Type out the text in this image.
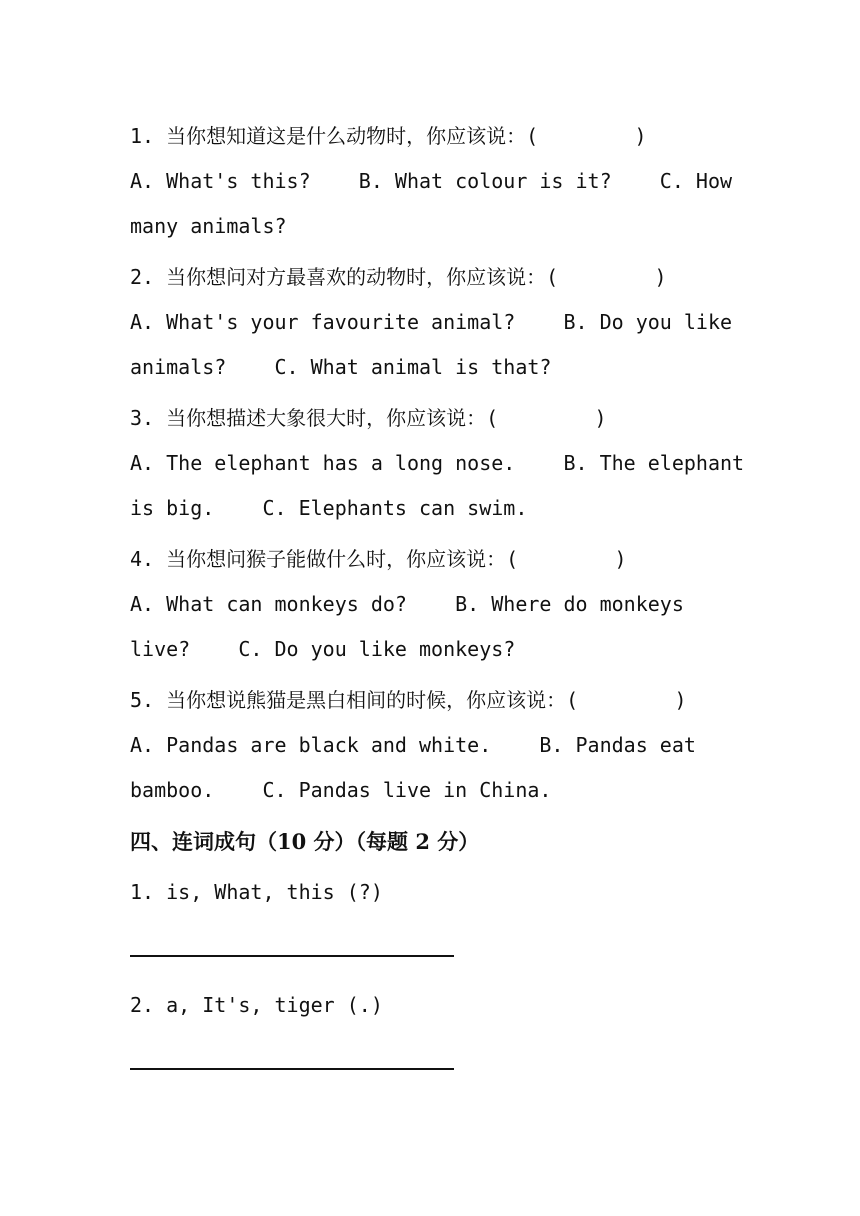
1. 当你想知道这是什么动物时，你应该说：(        )
A. What's this?    B. What colour is it?    C. How
many animals?
2. 当你想问对方最喜欢的动物时，你应该说：(        )
A. What's your favourite animal?    B. Do you like
animals?    C. What animal is that?
3. 当你想描述大象很大时，你应该说：(        )
A. The elephant has a long nose.    B. The elephant
is big.    C. Elephants can swim.
4. 当你想问猴子能做什么时，你应该说：(        )
A. What can monkeys do?    B. Where do monkeys
live?    C. Do you like monkeys?
5. 当你想说熊猫是黑白相间的时候，你应该说：(        )
A. Pandas are black and white.    B. Pandas eat
bamboo.    C. Pandas live in China.
四、连词成句（10 分）（每题 2 分）
1. is, What, this (?)
2. a, It's, tiger (.)
